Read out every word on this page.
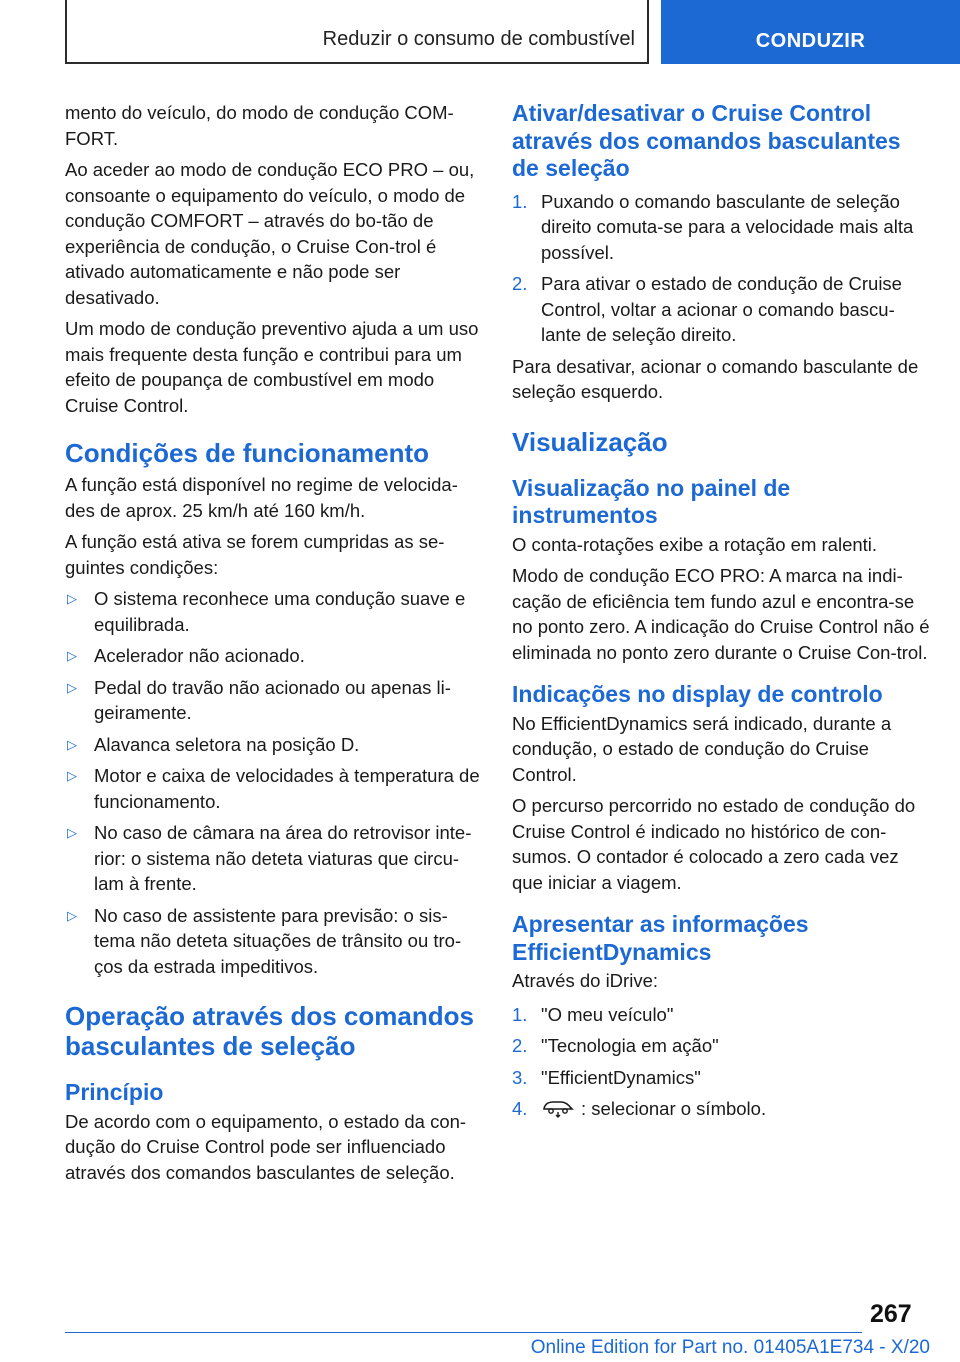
Reduzir o consumo de combustível	CONDUZIR

mento do veículo, do modo de condução COM-FORT.

Ao aceder ao modo de condução ECO PRO – ou, consoante o equipamento do veículo, o modo de condução COMFORT – através do bo-tão de experiência de condução, o Cruise Con-trol é ativado automaticamente e não pode ser desativado.

Um modo de condução preventivo ajuda a um uso mais frequente desta função e contribui para um efeito de poupança de combustível em modo Cruise Control.

Condições de funcionamento

A função está disponível no regime de velocida-des de aprox. 25 km/h até 160 km/h.

A função está ativa se forem cumpridas as se-guintes condições:

▷ O sistema reconhece uma condução suave e equilibrada.
▷ Acelerador não acionado.
▷ Pedal do travão não acionado ou apenas li-geiramente.
▷ Alavanca seletora na posição D.
▷ Motor e caixa de velocidades à temperatura de funcionamento.
▷ No caso de câmara na área do retrovisor inte-rior: o sistema não deteta viaturas que circu-lam à frente.
▷ No caso de assistente para previsão: o sis-tema não deteta situações de trânsito ou tro-ços da estrada impeditivos.
Operação através dos comandos basculantes de seleção
Princípio

De acordo com o equipamento, o estado da con-dução do Cruise Control pode ser influenciado através dos comandos basculantes de seleção.

Ativar/desativar o Cruise Control através dos comandos basculantes de seleção
1. Puxando o comando basculante de seleção direito comuta-se para a velocidade mais alta possível.
2. Para ativar o estado de condução de Cruise Control, voltar a acionar o comando bascu-lante de seleção direito.

Para desativar, acionar o comando basculante de seleção esquerdo.

Visualização
Visualização no painel de instrumentos

O conta-rotações exibe a rotação em ralenti.

Modo de condução ECO PRO: A marca na indi-cação de eficiência tem fundo azul e encontra-se no ponto zero. A indicação do Cruise Control não é eliminada no ponto zero durante o Cruise Con-trol.

Indicações no display de controlo

No EfficientDynamics será indicado, durante a condução, o estado de condução do Cruise Control.

O percurso percorrido no estado de condução do Cruise Control é indicado no histórico de con-sumos. O contador é colocado a zero cada vez que iniciar a viagem.

Apresentar as informações EfficientDynamics

Através do iDrive:

1. "O meu veículo"
2. "Tecnologia em ação"
3. "EfficientDynamics"
4.	: selecionar o símbolo.
267
Online Edition for Part no. 01405A1E734 - X/20
